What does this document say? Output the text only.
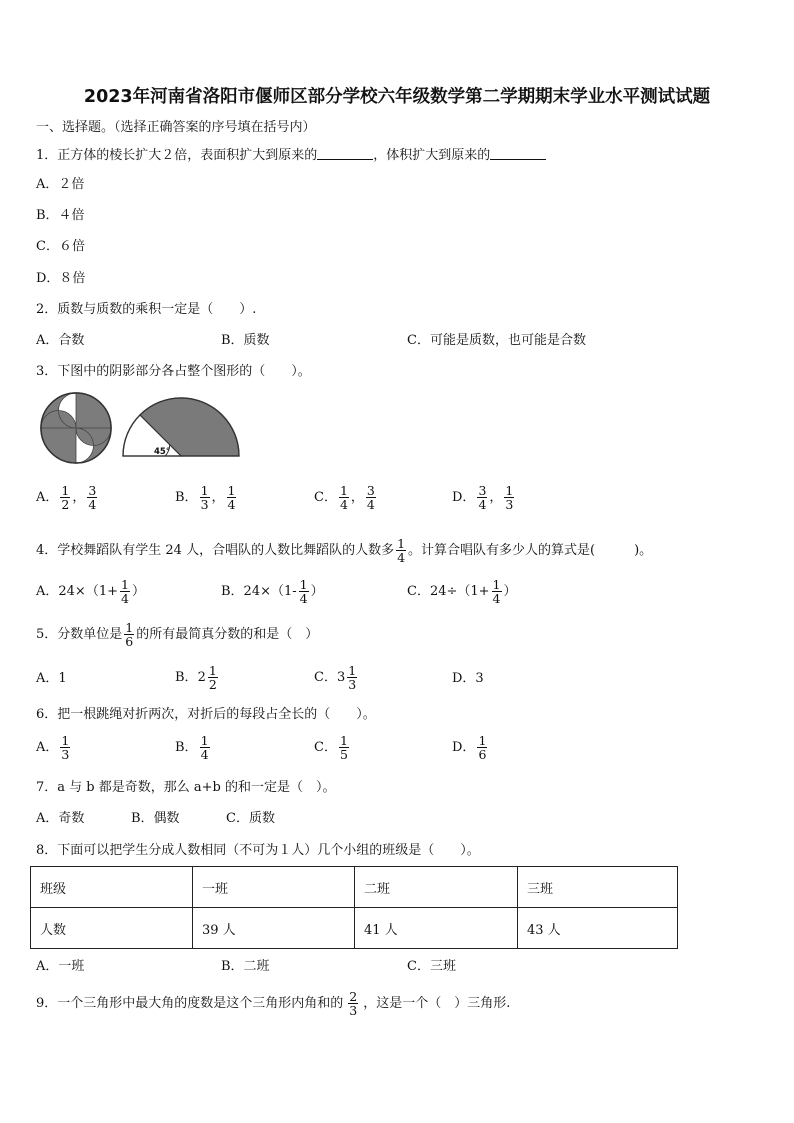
2023年河南省洛阳市偃师区部分学校六年级数学第二学期期末学业水平测试试题
一、选择题。（选择正确答案的序号填在括号内）
1．正方体的棱长扩大２倍，表面积扩大到原来的	，体积扩大到原来的
A．２倍
B．４倍
C．６倍
D．８倍
2．质数与质数的乘积一定是（　　）.
A．合数	B．质数	C．可能是质数，也可能是合数
3．下图中的阴影部分各占整个图形的（　　）。
45°
A． $\frac{1}{2}$ ， $\frac{3}{4}$	B． $\frac{1}{3}$ ， $\frac{1}{4}$	C． $\frac{1}{4}$ ， $\frac{3}{4}$	D． $\frac{3}{4}$ ， $\frac{1}{3}$
4．学校舞蹈队有学生 24 人，合唱队的人数比舞蹈队的人数多 $\frac{1}{4}$ 。计算合唱队有多少人的算式是(　　　)。
A．$24\times(1+ \frac{1}{4}$ ）	B．$24\times(1- \frac{1}{4}$ ）	C．$24\div(1+ \frac{1}{4}$ ）
5．分数单位是 $\frac{1}{6}$ 的所有最简真分数的和是（　）
A．1	B．$2 \frac{1}{2}$	C．$3 \frac{1}{3}$	D．3
6．把一根跳绳对折两次，对折后的每段占全长的（　　）。
A． $\frac{1}{3}$	B． $\frac{1}{4}$	C． $\frac{1}{5}$	D． $\frac{1}{6}$
7．a 与 b 都是奇数，那么 a+b 的和一定是（　）。
A．奇数	B．偶数	C．质数
8．下面可以把学生分成人数相同（不可为１人）几个小组的班级是（　　）。
班级	一班	二班	三班
人数	39 人	41 人	43 人
A．一班	B．二班	C．三班
9．一个三角形中最大角的度数是这个三角形内角和的 $\frac{2}{3}$ ，这是一个（　）三角形.
